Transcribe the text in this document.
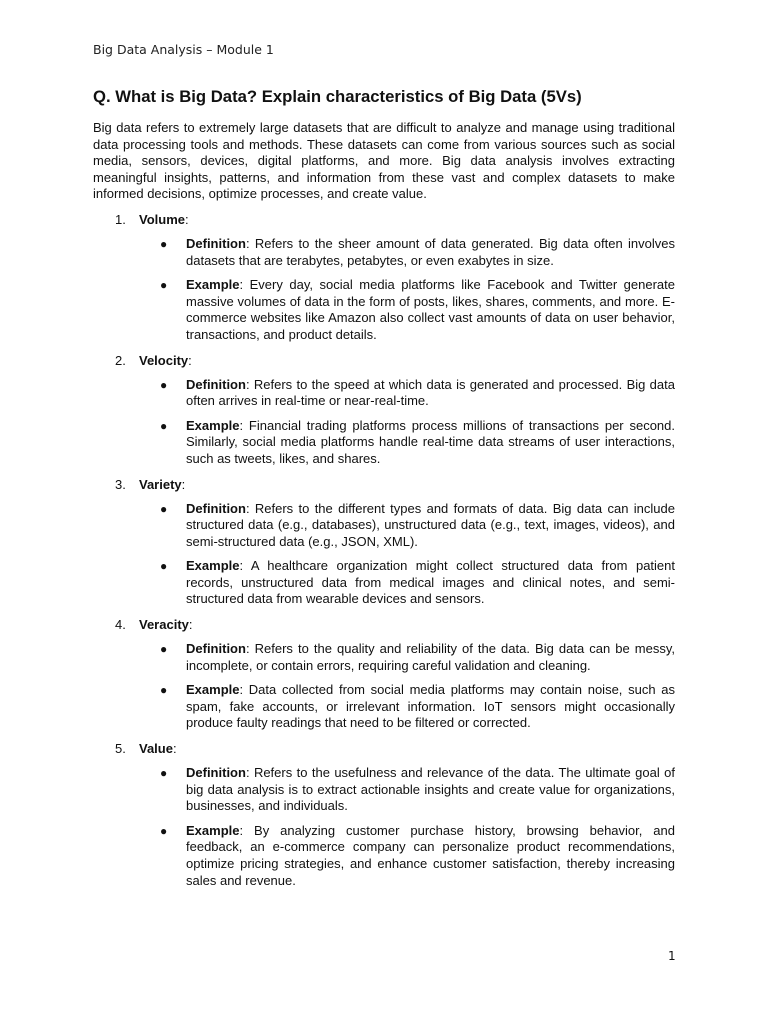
Big Data Analysis – Module 1
Q. What is Big Data? Explain characteristics of Big Data (5Vs)

Big data refers to extremely large datasets that are difficult to analyze and manage using traditional data processing tools and methods. These datasets can come from various sources such as social media, sensors, devices, digital platforms, and more. Big data analysis involves extracting meaningful insights, patterns, and information from these vast and complex datasets to make informed decisions, optimize processes, and create value.

1. Volume:
● Definition: Refers to the sheer amount of data generated. Big data often involves datasets that are terabytes, petabytes, or even exabytes in size.
● Example: Every day, social media platforms like Facebook and Twitter generate massive volumes of data in the form of posts, likes, shares, comments, and more. E-commerce websites like Amazon also collect vast amounts of data on user behavior, transactions, and product details.
2. Velocity:
● Definition: Refers to the speed at which data is generated and processed. Big data often arrives in real-time or near-real-time.
● Example: Financial trading platforms process millions of transactions per second. Similarly, social media platforms handle real-time data streams of user interactions, such as tweets, likes, and shares.
3. Variety:
● Definition: Refers to the different types and formats of data. Big data can include structured data (e.g., databases), unstructured data (e.g., text, images, videos), and semi-structured data (e.g., JSON, XML).
● Example: A healthcare organization might collect structured data from patient records, unstructured data from medical images and clinical notes, and semi-structured data from wearable devices and sensors.
4. Veracity:
● Definition: Refers to the quality and reliability of the data. Big data can be messy, incomplete, or contain errors, requiring careful validation and cleaning.
● Example: Data collected from social media platforms may contain noise, such as spam, fake accounts, or irrelevant information. IoT sensors might occasionally produce faulty readings that need to be filtered or corrected.
5. Value:
● Definition: Refers to the usefulness and relevance of the data. The ultimate goal of big data analysis is to extract actionable insights and create value for organizations, businesses, and individuals.
● Example: By analyzing customer purchase history, browsing behavior, and feedback, an e-commerce company can personalize product recommendations, optimize pricing strategies, and enhance customer satisfaction, thereby increasing sales and revenue.
1
